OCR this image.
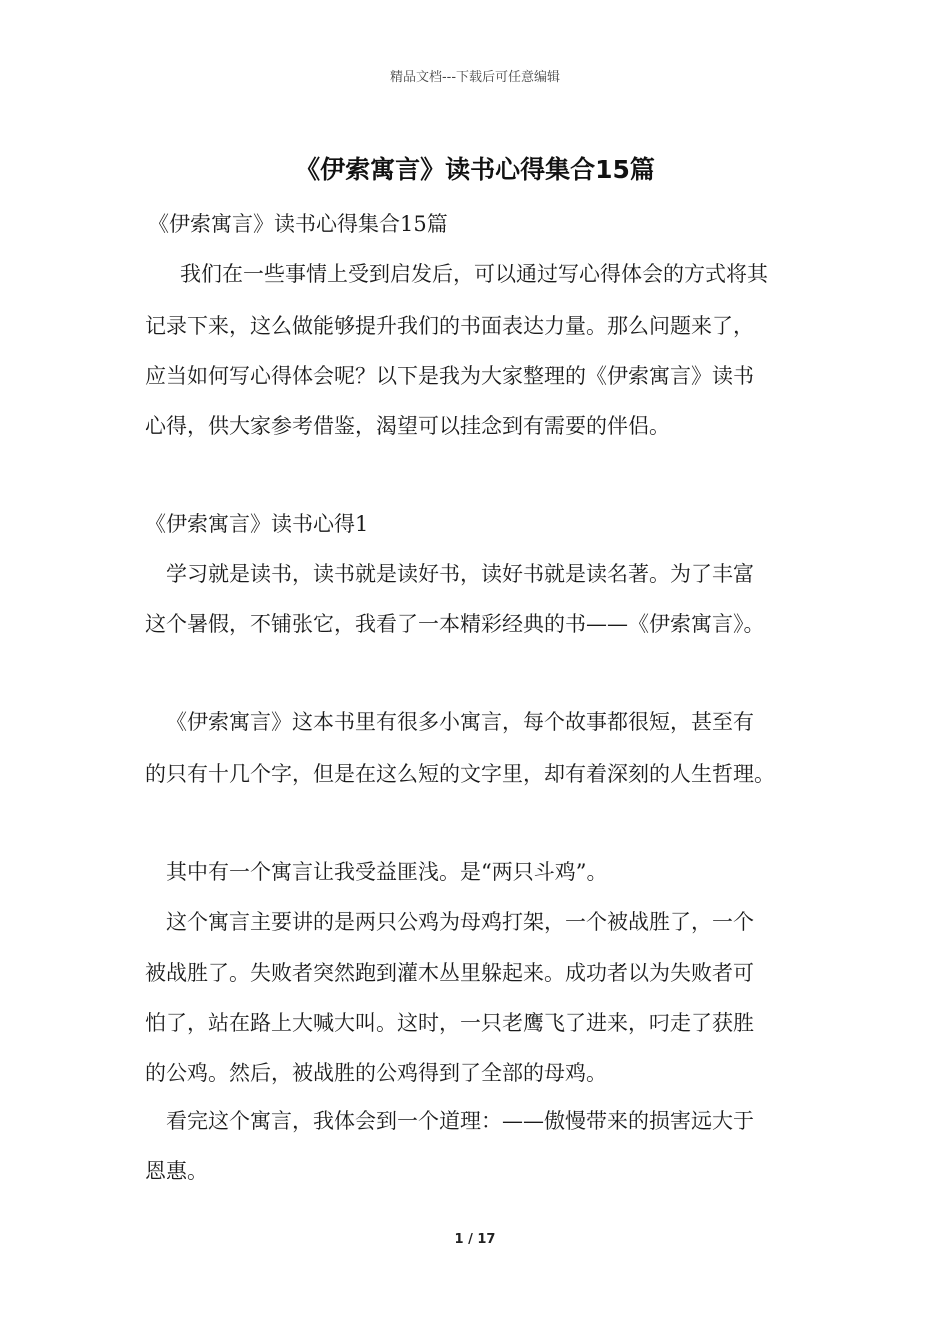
精品文档---下载后可任意编辑
《伊索寓言》读书心得集合15篇
《伊索寓言》读书心得集合15篇
我们在一些事情上受到启发后，可以通过写心得体会的方式将其
记录下来，这么做能够提升我们的书面表达力量。那么问题来了，
应当如何写心得体会呢？以下是我为大家整理的《伊索寓言》读书
心得，供大家参考借鉴，渴望可以挂念到有需要的伴侣。
《伊索寓言》读书心得1
学习就是读书，读书就是读好书，读好书就是读名著。为了丰富
这个暑假，不铺张它，我看了一本精彩经典的书——《伊索寓言》。
《伊索寓言》这本书里有很多小寓言，每个故事都很短，甚至有
的只有十几个字，但是在这么短的文字里，却有着深刻的人生哲理。
其中有一个寓言让我受益匪浅。是“两只斗鸡”。
这个寓言主要讲的是两只公鸡为母鸡打架，一个被战胜了，一个
被战胜了。失败者突然跑到灌木丛里躲起来。成功者以为失败者可
怕了，站在路上大喊大叫。这时，一只老鹰飞了进来，叼走了获胜
的公鸡。然后，被战胜的公鸡得到了全部的母鸡。
看完这个寓言，我体会到一个道理：——傲慢带来的损害远大于
恩惠。
1 / 17
